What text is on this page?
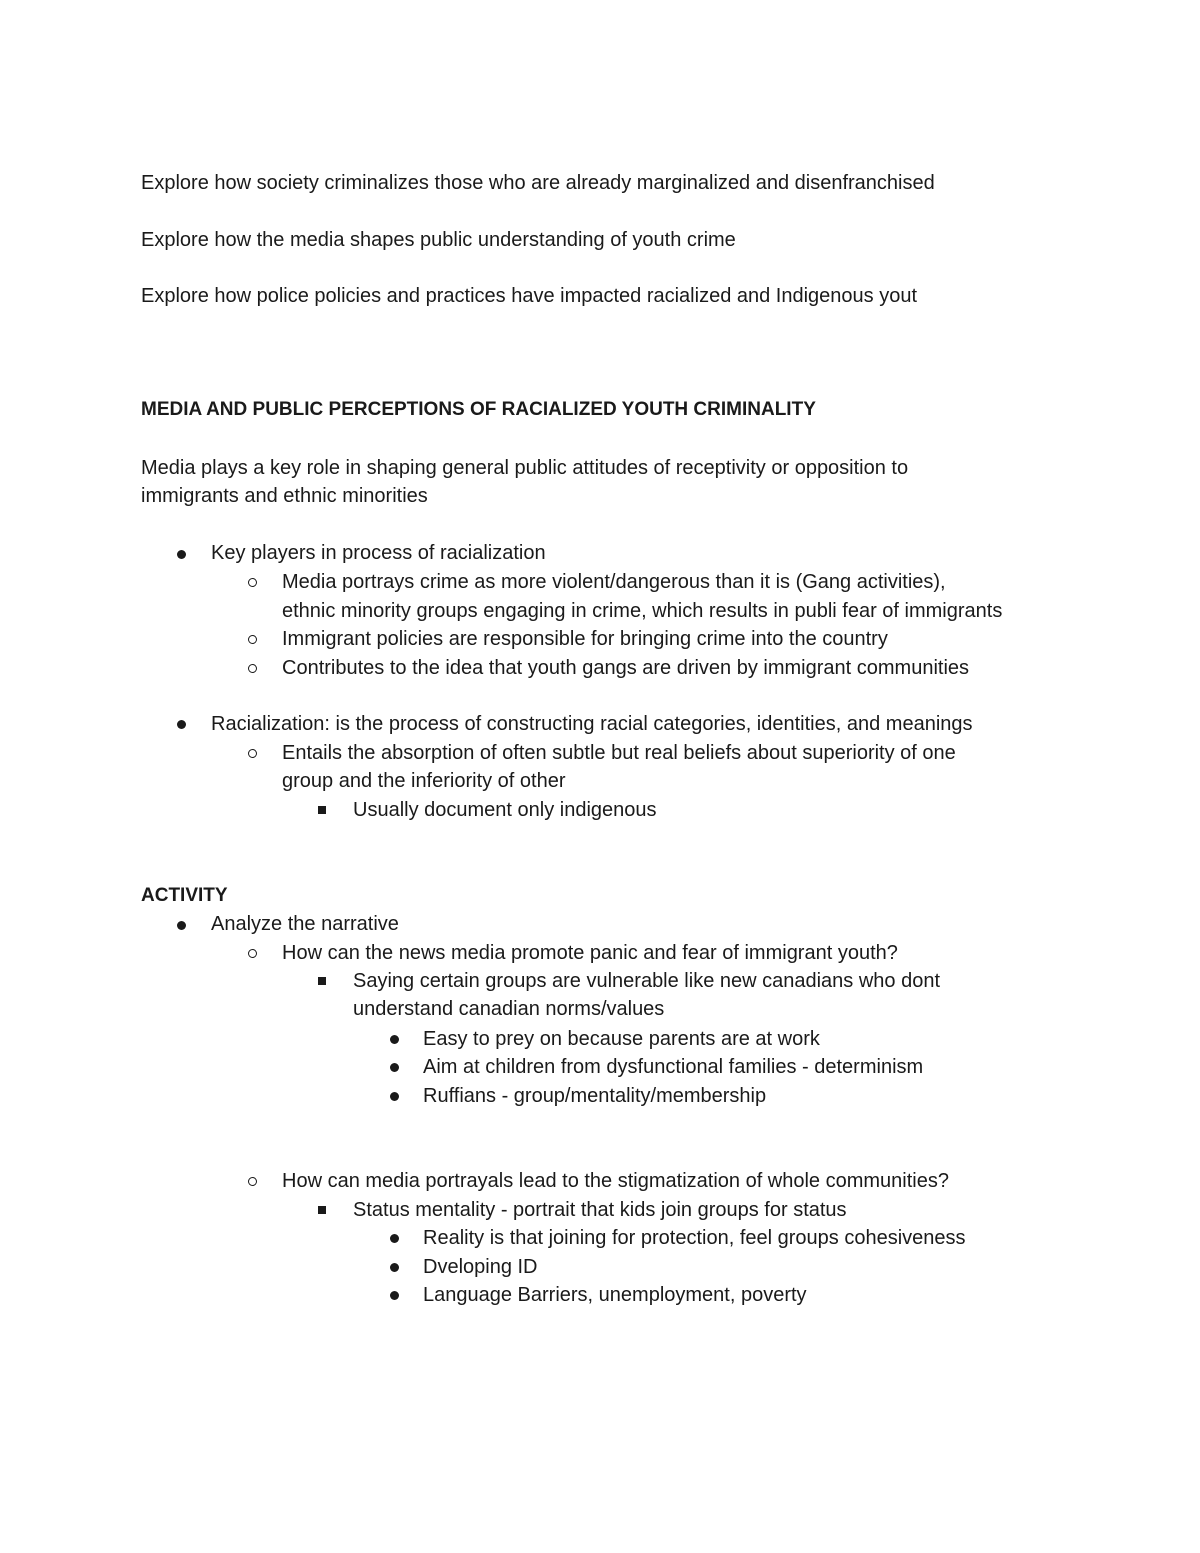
Explore how society criminalizes those who are already marginalized and disenfranchised
Explore how the media shapes public understanding of youth crime
Explore how police policies and practices have impacted racialized and Indigenous yout
MEDIA AND PUBLIC PERCEPTIONS OF RACIALIZED YOUTH CRIMINALITY
Media plays a key role in shaping general public attitudes of receptivity or opposition to
immigrants and ethnic minorities
Key players in process of racialization
Media portrays crime as more violent/dangerous than it is (Gang activities),
ethnic minority groups engaging in crime, which results in publi fear of immigrants
Immigrant policies are responsible for bringing crime into the country
Contributes to the idea that youth gangs are driven by immigrant communities
Racialization: is the process of constructing racial categories, identities, and meanings
Entails the absorption of often subtle but real beliefs about superiority of one
group and the inferiority of other
Usually document only indigenous
ACTIVITY
Analyze the narrative
How can the news media promote panic and fear of immigrant youth?
Saying certain groups are vulnerable like new canadians who dont
understand canadian norms/values
Easy to prey on because parents are at work
Aim at children from dysfunctional families - determinism
Ruffians - group/mentality/membership
How can media portrayals lead to the stigmatization of whole communities?
Status mentality - portrait that kids join groups for status
Reality is that joining for protection, feel groups cohesiveness
Dveloping ID
Language Barriers, unemployment, poverty
